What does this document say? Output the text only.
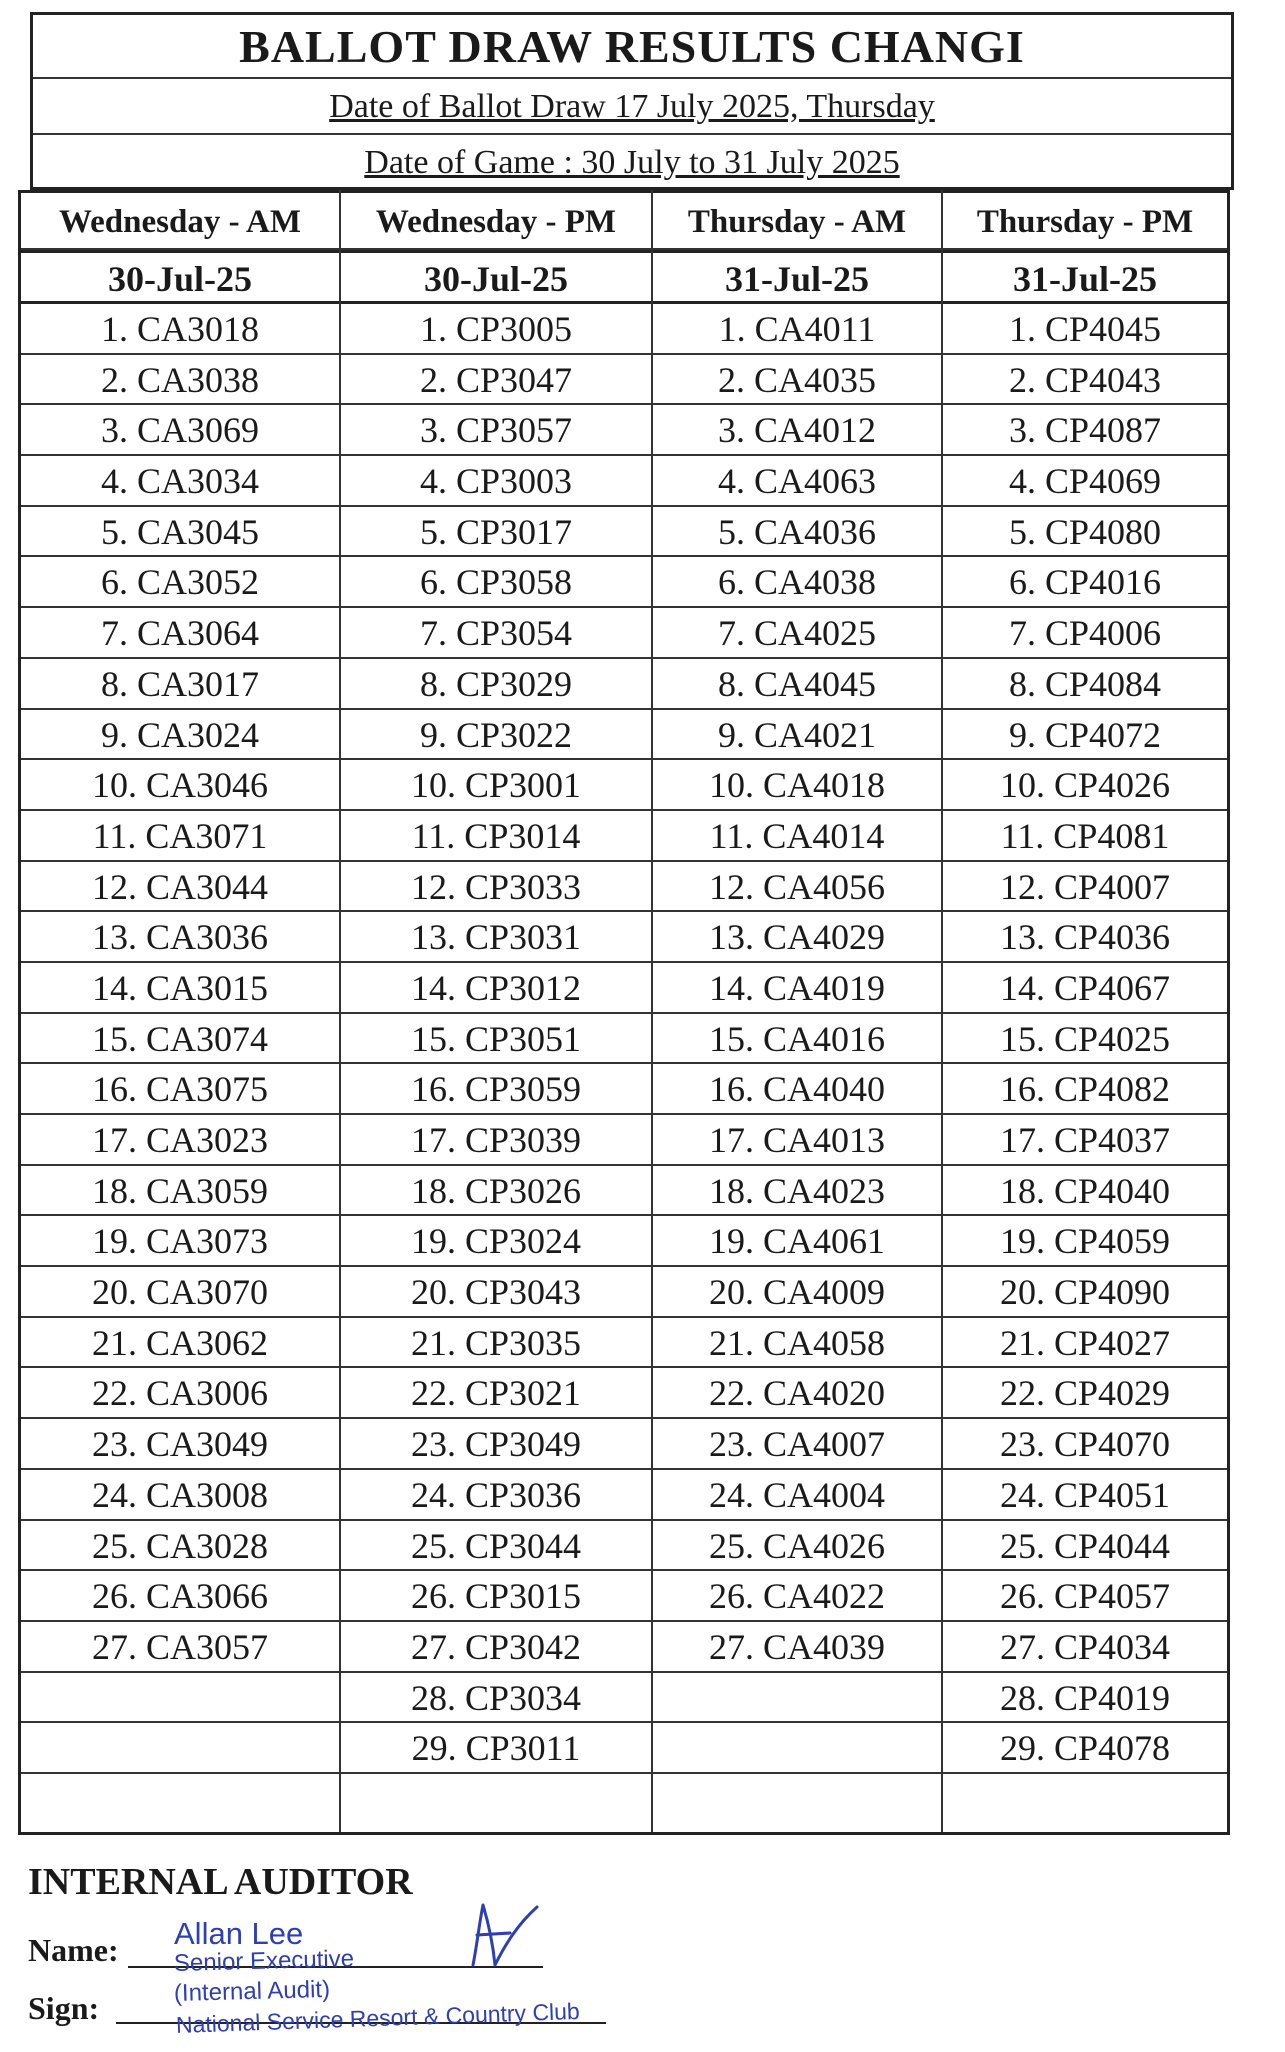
BALLOT DRAW RESULTS CHANGI
Date of Ballot Draw 17 July 2025, Thursday
Date of Game : 30 July to 31 July 2025
Wednesday - AM
30-Jul-25
1. CA3018
2. CA3038
3. CA3069
4. CA3034
5. CA3045
6. CA3052
7. CA3064
8. CA3017
9. CA3024
10. CA3046
11. CA3071
12. CA3044
13. CA3036
14. CA3015
15. CA3074
16. CA3075
17. CA3023
18. CA3059
19. CA3073
20. CA3070
21. CA3062
22. CA3006
23. CA3049
24. CA3008
25. CA3028
26. CA3066
27. CA3057
Wednesday - PM
30-Jul-25
1. CP3005
2. CP3047
3. CP3057
4. CP3003
5. CP3017
6. CP3058
7. CP3054
8. CP3029
9. CP3022
10. CP3001
11. CP3014
12. CP3033
13. CP3031
14. CP3012
15. CP3051
16. CP3059
17. CP3039
18. CP3026
19. CP3024
20. CP3043
21. CP3035
22. CP3021
23. CP3049
24. CP3036
25. CP3044
26. CP3015
27. CP3042
28. CP3034
29. CP3011
Thursday - AM
31-Jul-25
1. CA4011
2. CA4035
3. CA4012
4. CA4063
5. CA4036
6. CA4038
7. CA4025
8. CA4045
9. CA4021
10. CA4018
11. CA4014
12. CA4056
13. CA4029
14. CA4019
15. CA4016
16. CA4040
17. CA4013
18. CA4023
19. CA4061
20. CA4009
21. CA4058
22. CA4020
23. CA4007
24. CA4004
25. CA4026
26. CA4022
27. CA4039
Thursday - PM
31-Jul-25
1. CP4045
2. CP4043
3. CP4087
4. CP4069
5. CP4080
6. CP4016
7. CP4006
8. CP4084
9. CP4072
10. CP4026
11. CP4081
12. CP4007
13. CP4036
14. CP4067
15. CP4025
16. CP4082
17. CP4037
18. CP4040
19. CP4059
20. CP4090
21. CP4027
22. CP4029
23. CP4070
24. CP4051
25. CP4044
26. CP4057
27. CP4034
28. CP4019
29. CP4078
INTERNAL AUDITOR
Name:
Sign:
Allan Lee
Senior Executive
(Internal Audit)
National Service Resort & Country Club
